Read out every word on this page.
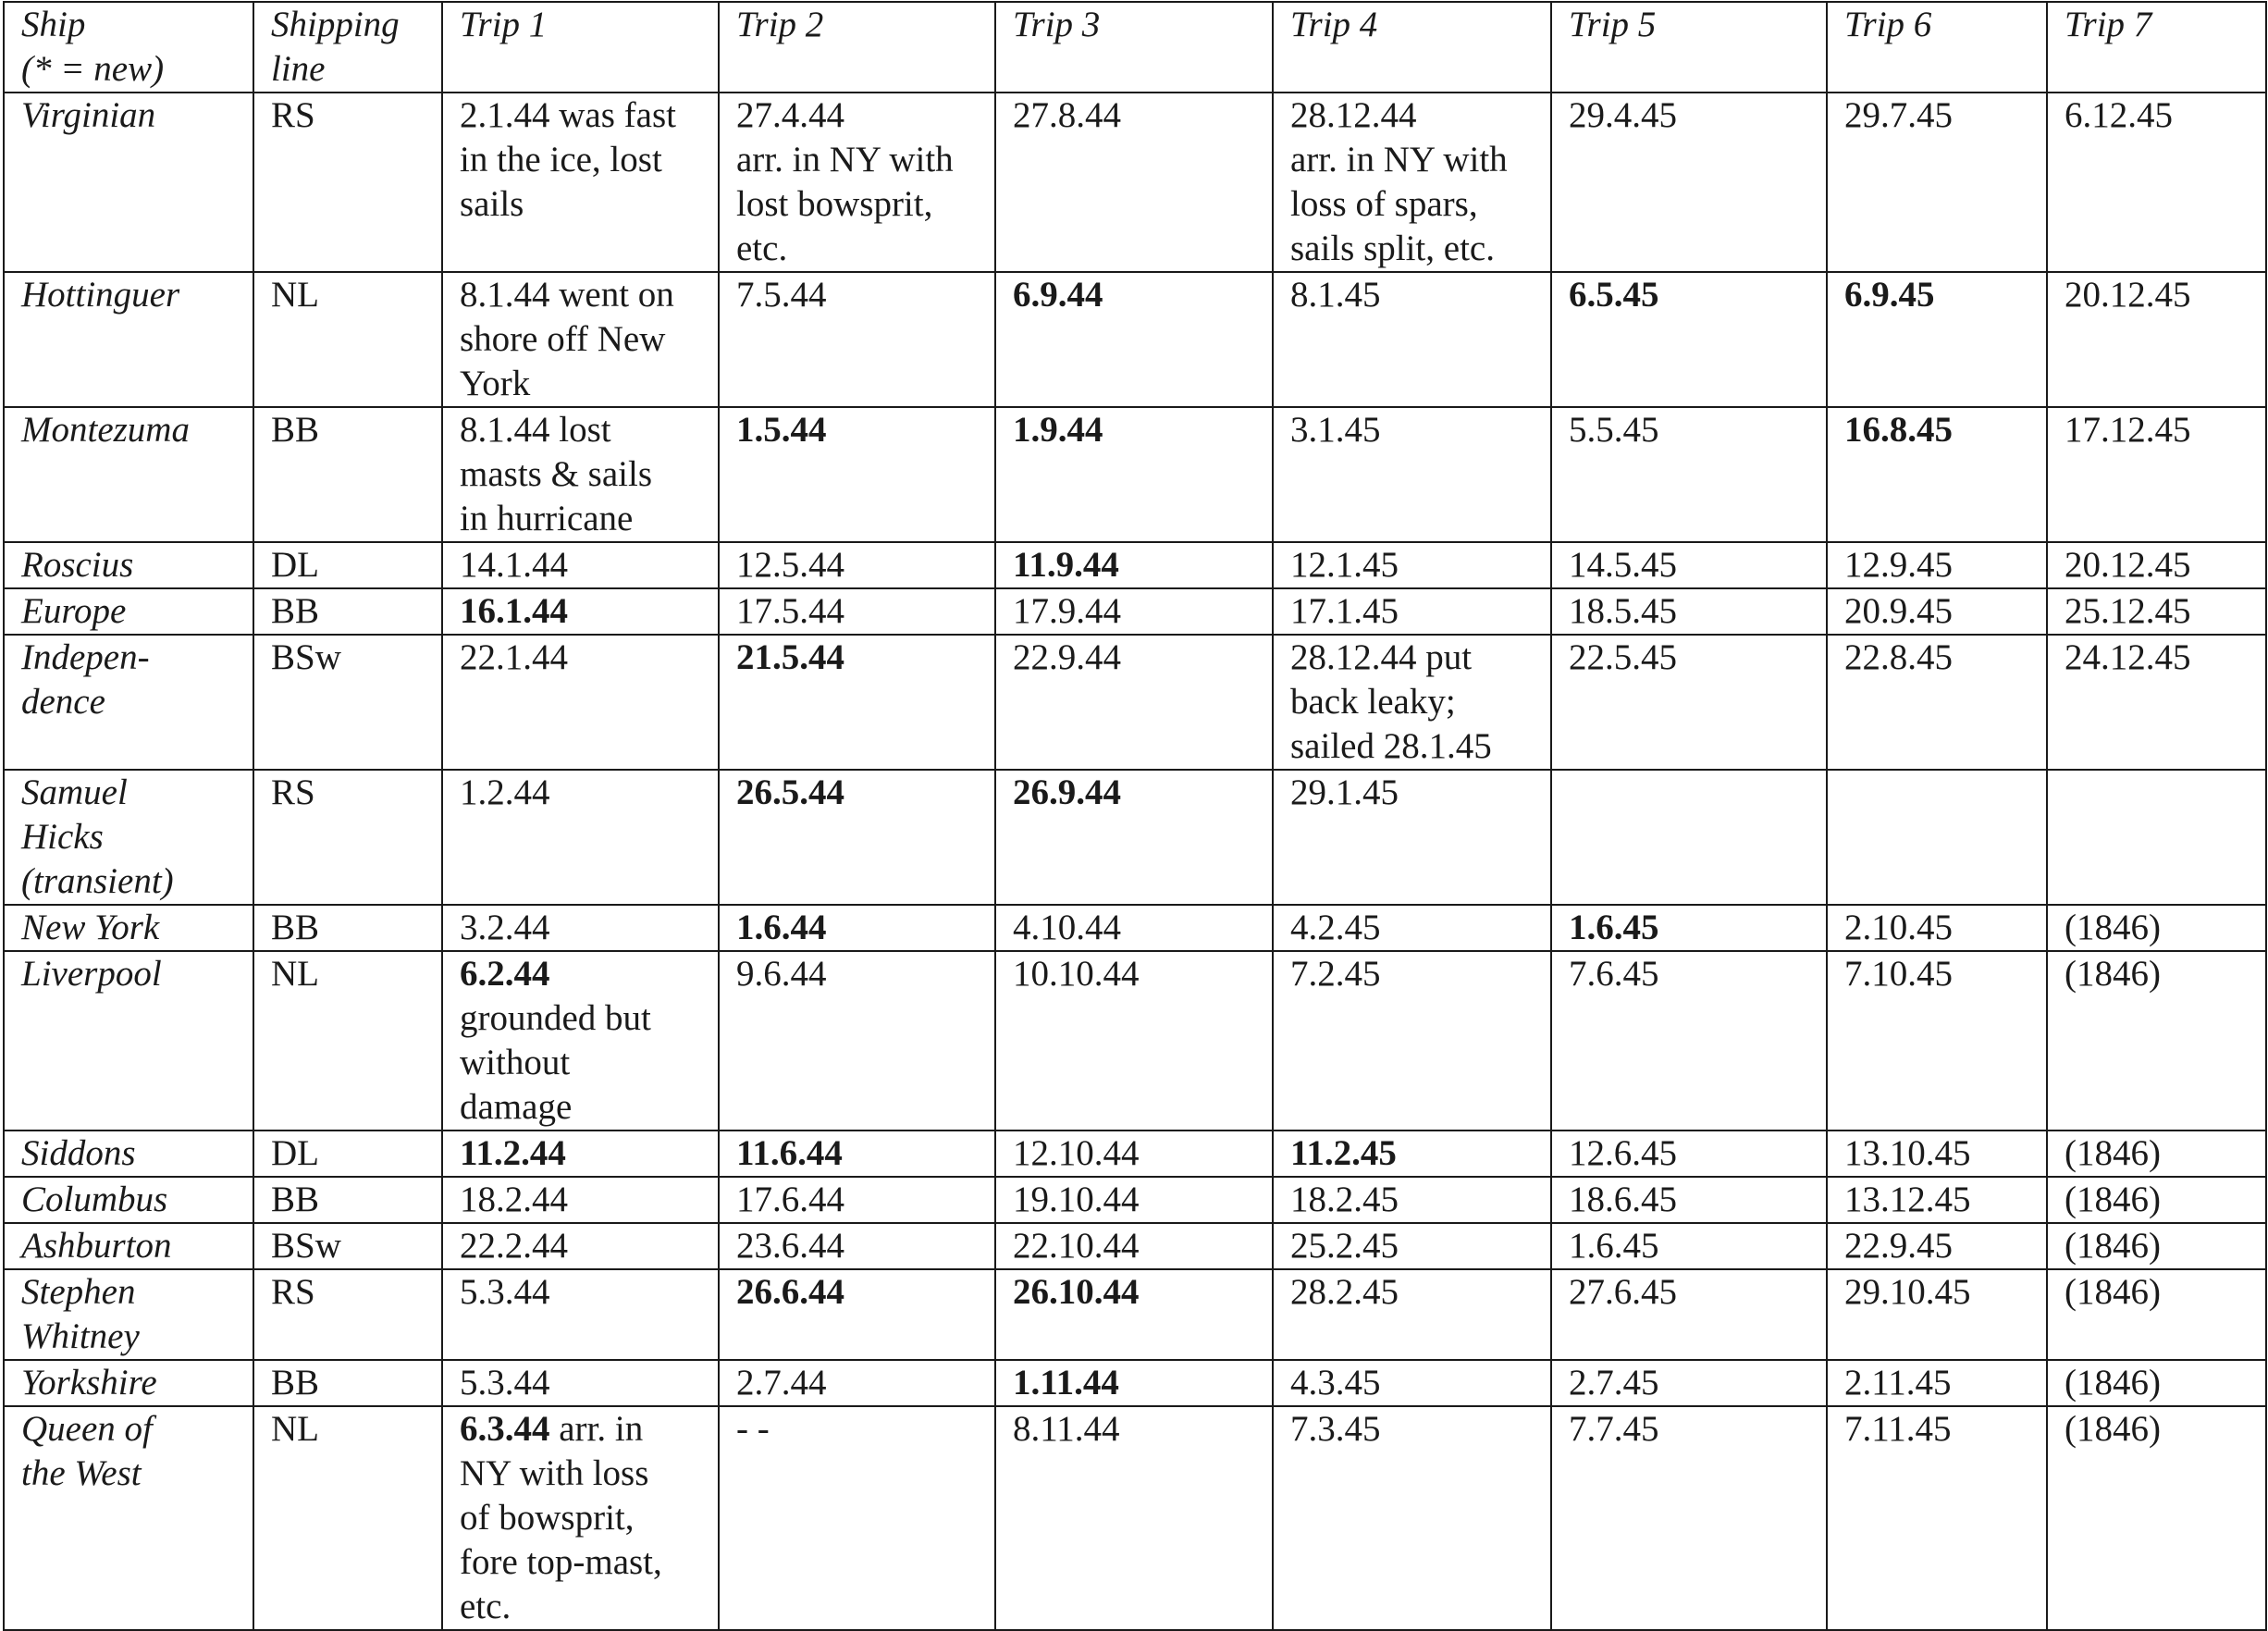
Ship
(* = new)	Shipping
line	Trip 1	Trip 2	Trip 3	Trip 4	Trip 5	Trip 6	Trip 7

Virginian	RS	2.1.44 was fast
in the ice, lost
sails	27.4.44
arr. in NY with
lost bowsprit,
etc.	27.8.44	28.12.44
arr. in NY with
loss of spars,
sails split, etc.	29.4.45	29.7.45	6.12.45

Hottinguer	NL	8.1.44 went on
shore off New
York	7.5.44	6.9.44	8.1.45	6.5.45	6.9.45	20.12.45

Montezuma	BB	8.1.44 lost
masts & sails
in hurricane	1.5.44	1.9.44	3.1.45	5.5.45	16.8.45	17.12.45

Roscius	DL	14.1.44	12.5.44	11.9.44	12.1.45	14.5.45	12.9.45	20.12.45

Europe	BB	16.1.44	17.5.44	17.9.44	17.1.45	18.5.45	20.9.45	25.12.45

Indepen-
dence	BSw	22.1.44	21.5.44	22.9.44	28.12.44 put
back leaky;
sailed 28.1.45	22.5.45	22.8.45	24.12.45

Samuel
Hicks
(transient)	RS	1.2.44	26.5.44	26.9.44	29.1.45			

New York	BB	3.2.44	1.6.44	4.10.44	4.2.45	1.6.45	2.10.45	(1846)

Liverpool	NL	6.2.44
grounded but
without
damage	9.6.44	10.10.44	7.2.45	7.6.45	7.10.45	(1846)

Siddons	DL	11.2.44	11.6.44	12.10.44	11.2.45	12.6.45	13.10.45	(1846)

Columbus	BB	18.2.44	17.6.44	19.10.44	18.2.45	18.6.45	13.12.45	(1846)

Ashburton	BSw	22.2.44	23.6.44	22.10.44	25.2.45	1.6.45	22.9.45	(1846)

Stephen
Whitney	RS	5.3.44	26.6.44	26.10.44	28.2.45	27.6.45	29.10.45	(1846)

Yorkshire	BB	5.3.44	2.7.44	1.11.44	4.3.45	2.7.45	2.11.45	(1846)

Queen of
the West	NL	6.3.44 arr. in
NY with loss
of bowsprit,
fore top-mast,
etc.	- -	8.11.44	7.3.45	7.7.45	7.11.45	(1846)
